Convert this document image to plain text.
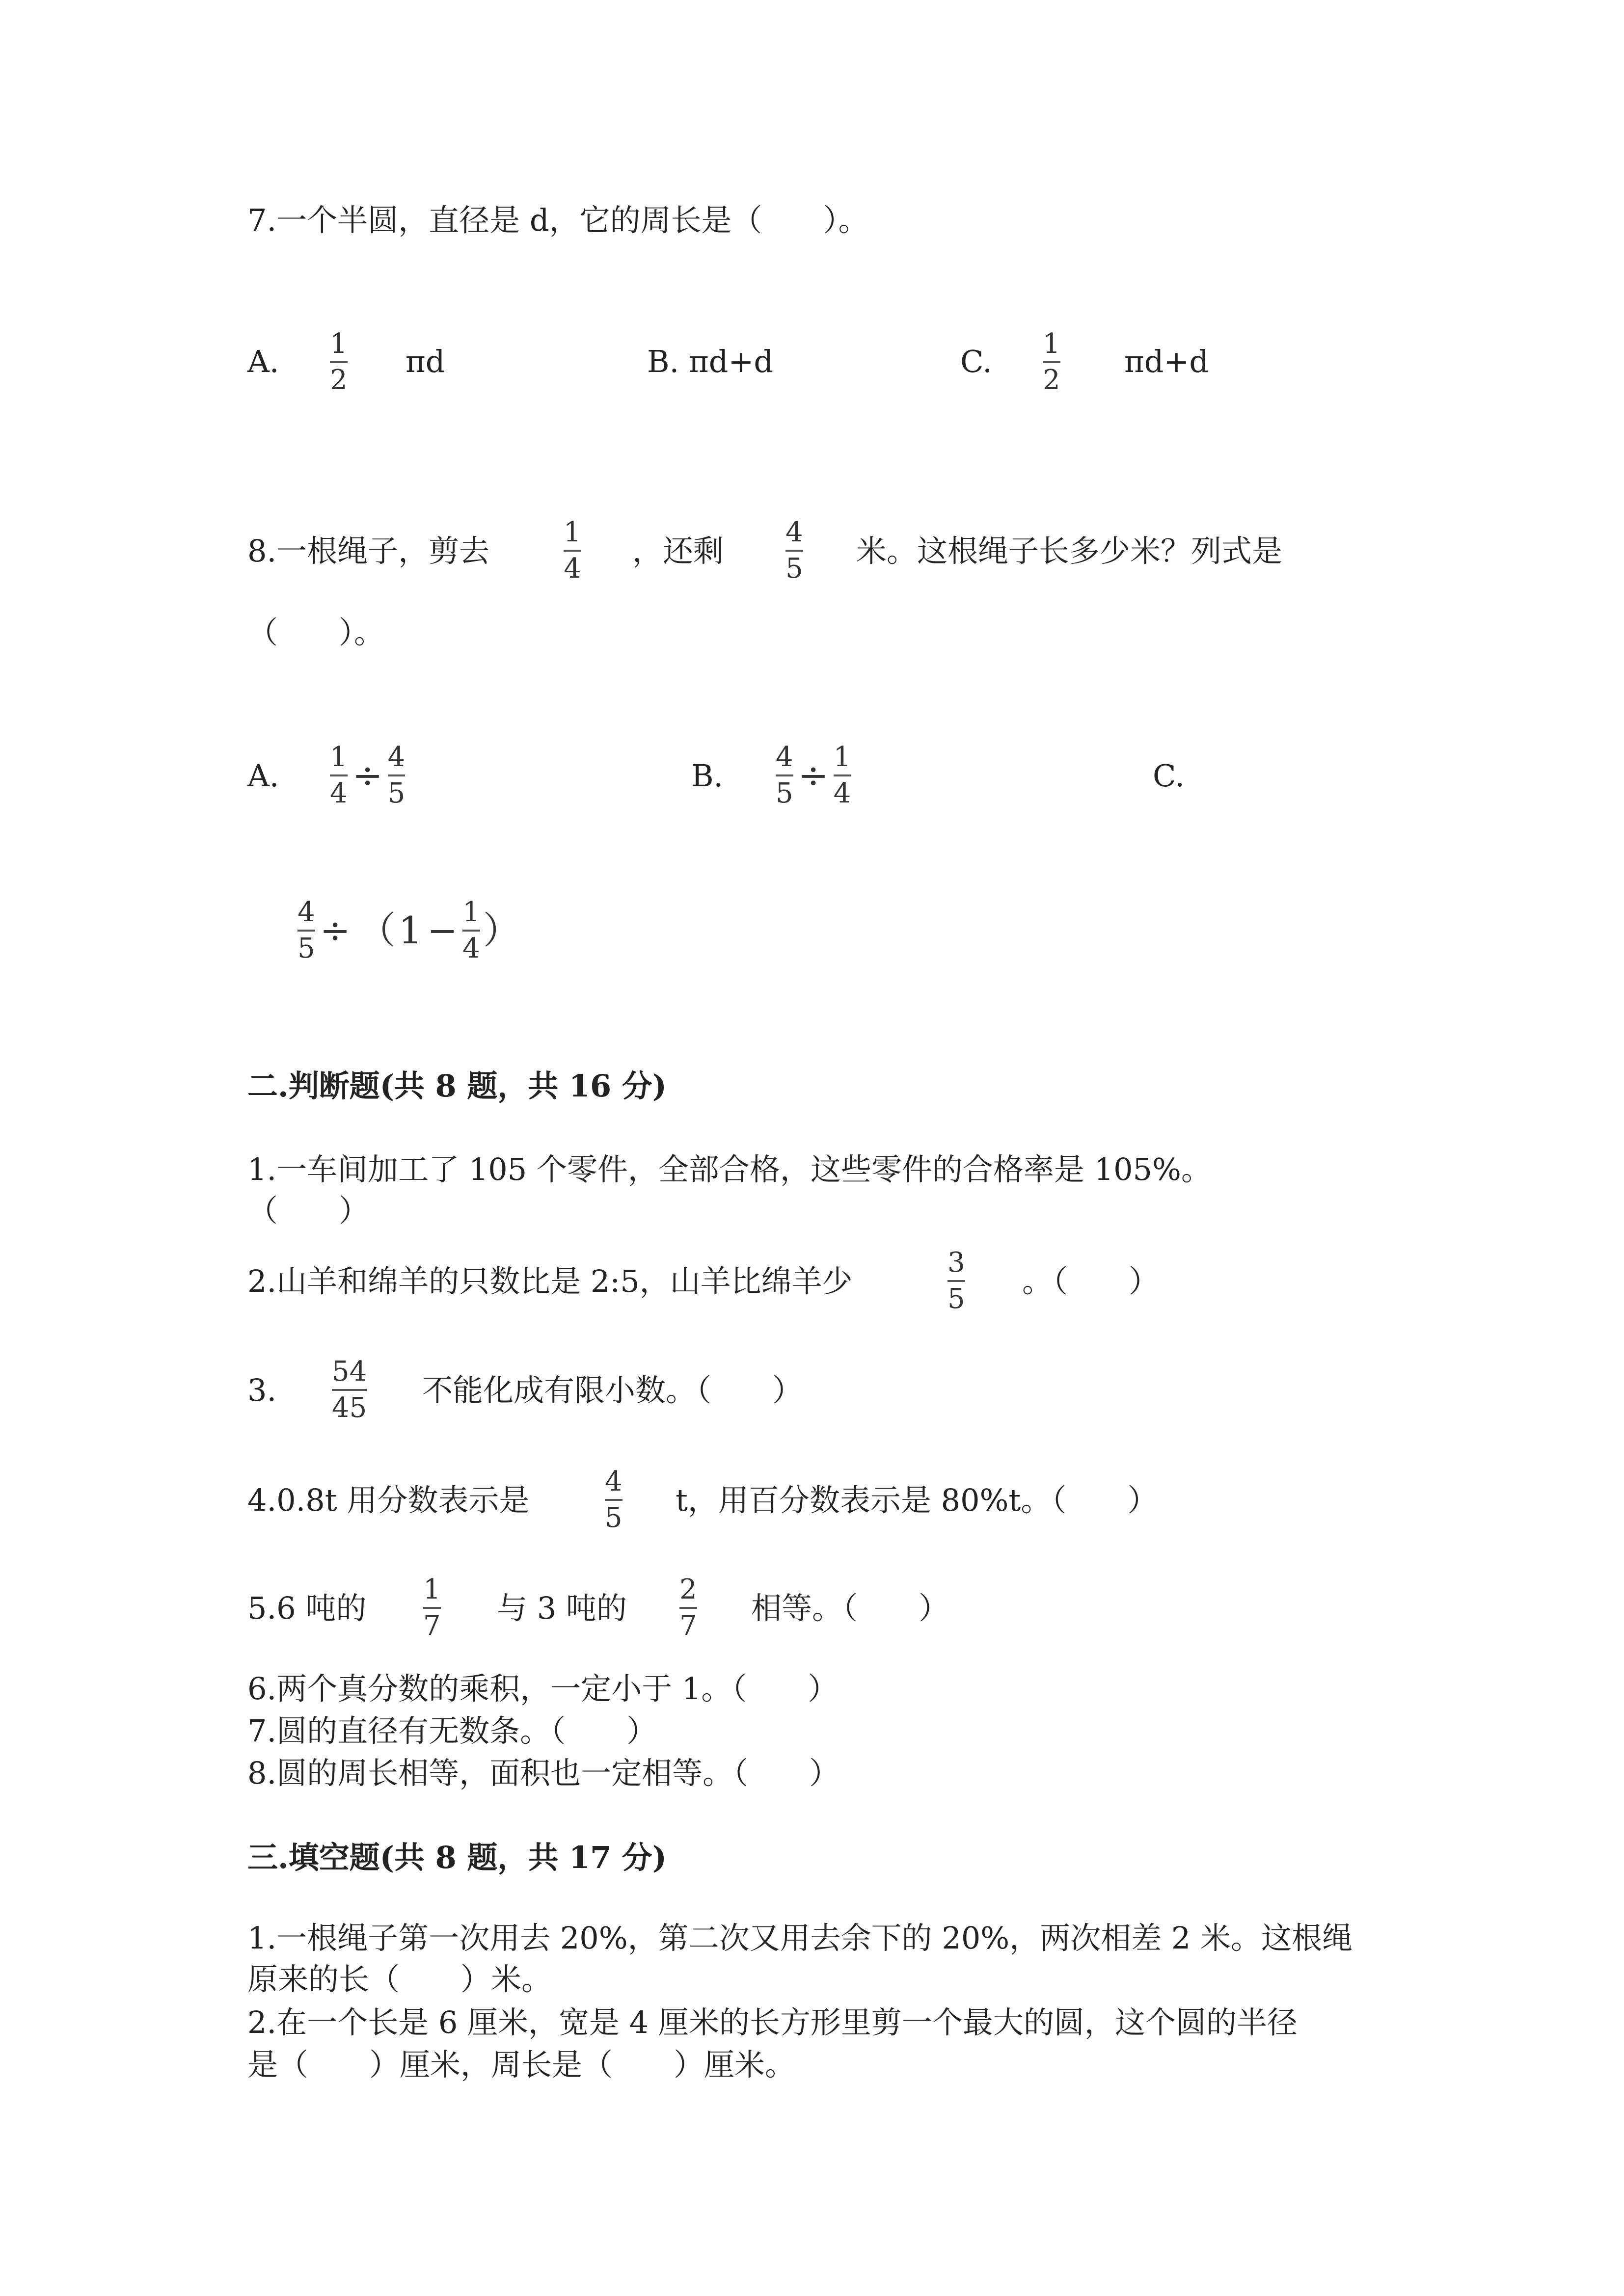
7.一个半圆，直径是 d，它的周长是（　　）。
A. 1
2
πd	B. πd+d	C. 1
2
πd+d
8.一根绳子，剪去
1
4 ，还剩
4
5 米。这根绳子长多少米？列式是
（　　）。
A. $\frac{1}{4} \div \frac{4}{5}$	B. $\frac{4}{5} \div \frac{1}{4}$	C.
$\frac{4}{5}$ ÷ （ $1 - \frac{1}{4}$ ）
二.判断题(共 8 题，共 16 分)
1.一车间加工了 105 个零件，全部合格，这些零件的合格率是 105%。
（　　）
2.山羊和绵羊的只数比是 2:5，山羊比绵羊少
3
5 。（　　）
3.
54
45 不能化成有限小数。（　　）
4.0.8t 用分数表示是
4
5 t，用百分数表示是 80%t。（　　）
5.6 吨的
1
7 与 3 吨的
2
7 相等。（　　）
6.两个真分数的乘积，一定小于 1。（　　）
7.圆的直径有无数条。（　　）
8.圆的周长相等，面积也一定相等。（　　）
三.填空题(共 8 题，共 17 分)
1.一根绳子第一次用去 20%，第二次又用去余下的 20%，两次相差 2 米。这根绳
原来的长（　　）米。
2.在一个长是 6 厘米，宽是 4 厘米的长方形里剪一个最大的圆，这个圆的半径
是（　　）厘米，周长是（　　）厘米。
